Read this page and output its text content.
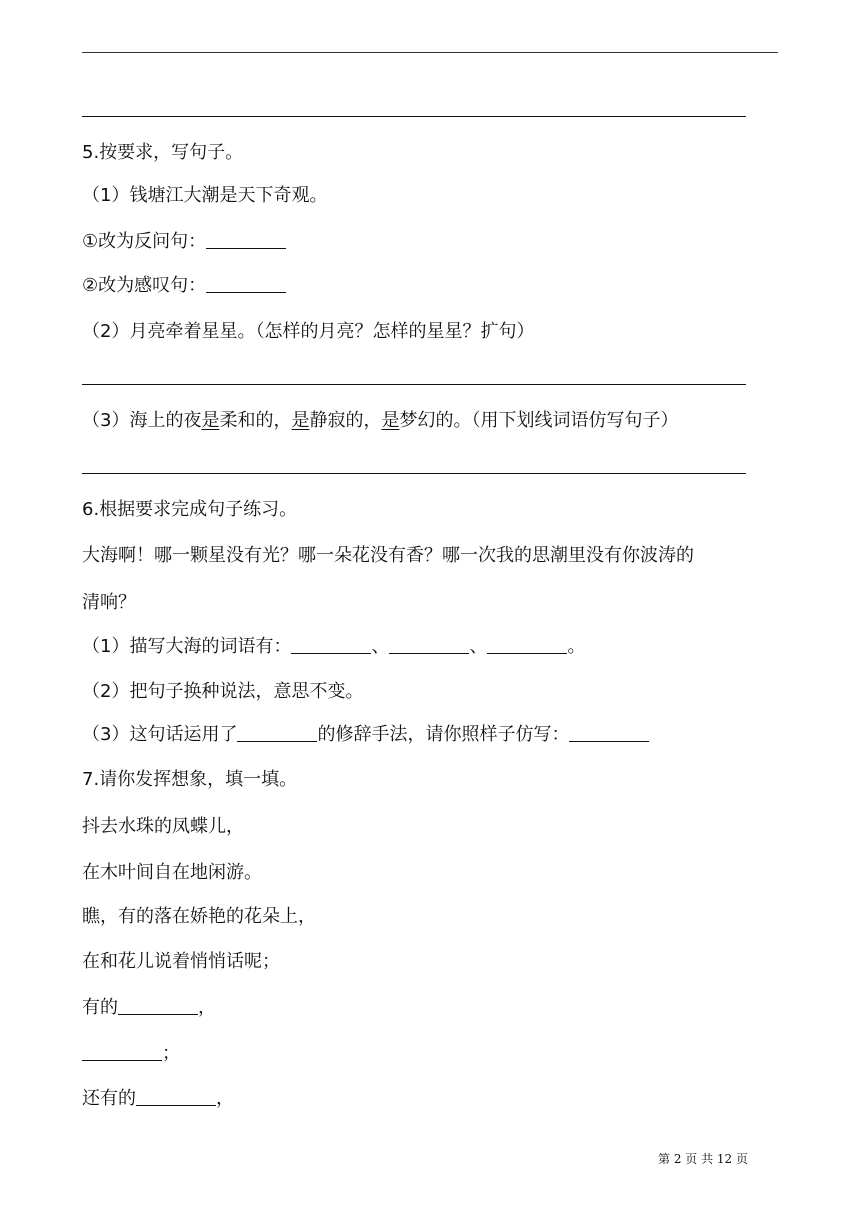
5.按要求，写句子。
（1）钱塘江大潮是天下奇观。
①改为反问句：
②改为感叹句：
（2）月亮牵着星星。（怎样的月亮？怎样的星星？扩句）
（3）海上的夜是柔和的，是静寂的，是梦幻的。（用下划线词语仿写句子）
6.根据要求完成句子练习。
大海啊！哪一颗星没有光？哪一朵花没有香？哪一次我的思潮里没有你波涛的
清响？
（1）描写大海的词语有：	、	、	。
（2）把句子换种说法，意思不变。
（3）这句话运用了	的修辞手法，请你照样子仿写：
7.请你发挥想象，填一填。
抖去水珠的凤蝶儿，
在木叶间自在地闲游。
瞧，有的落在娇艳的花朵上，
在和花儿说着悄悄话呢；
有的	，
；
还有的	，
第 2 页 共 12 页
